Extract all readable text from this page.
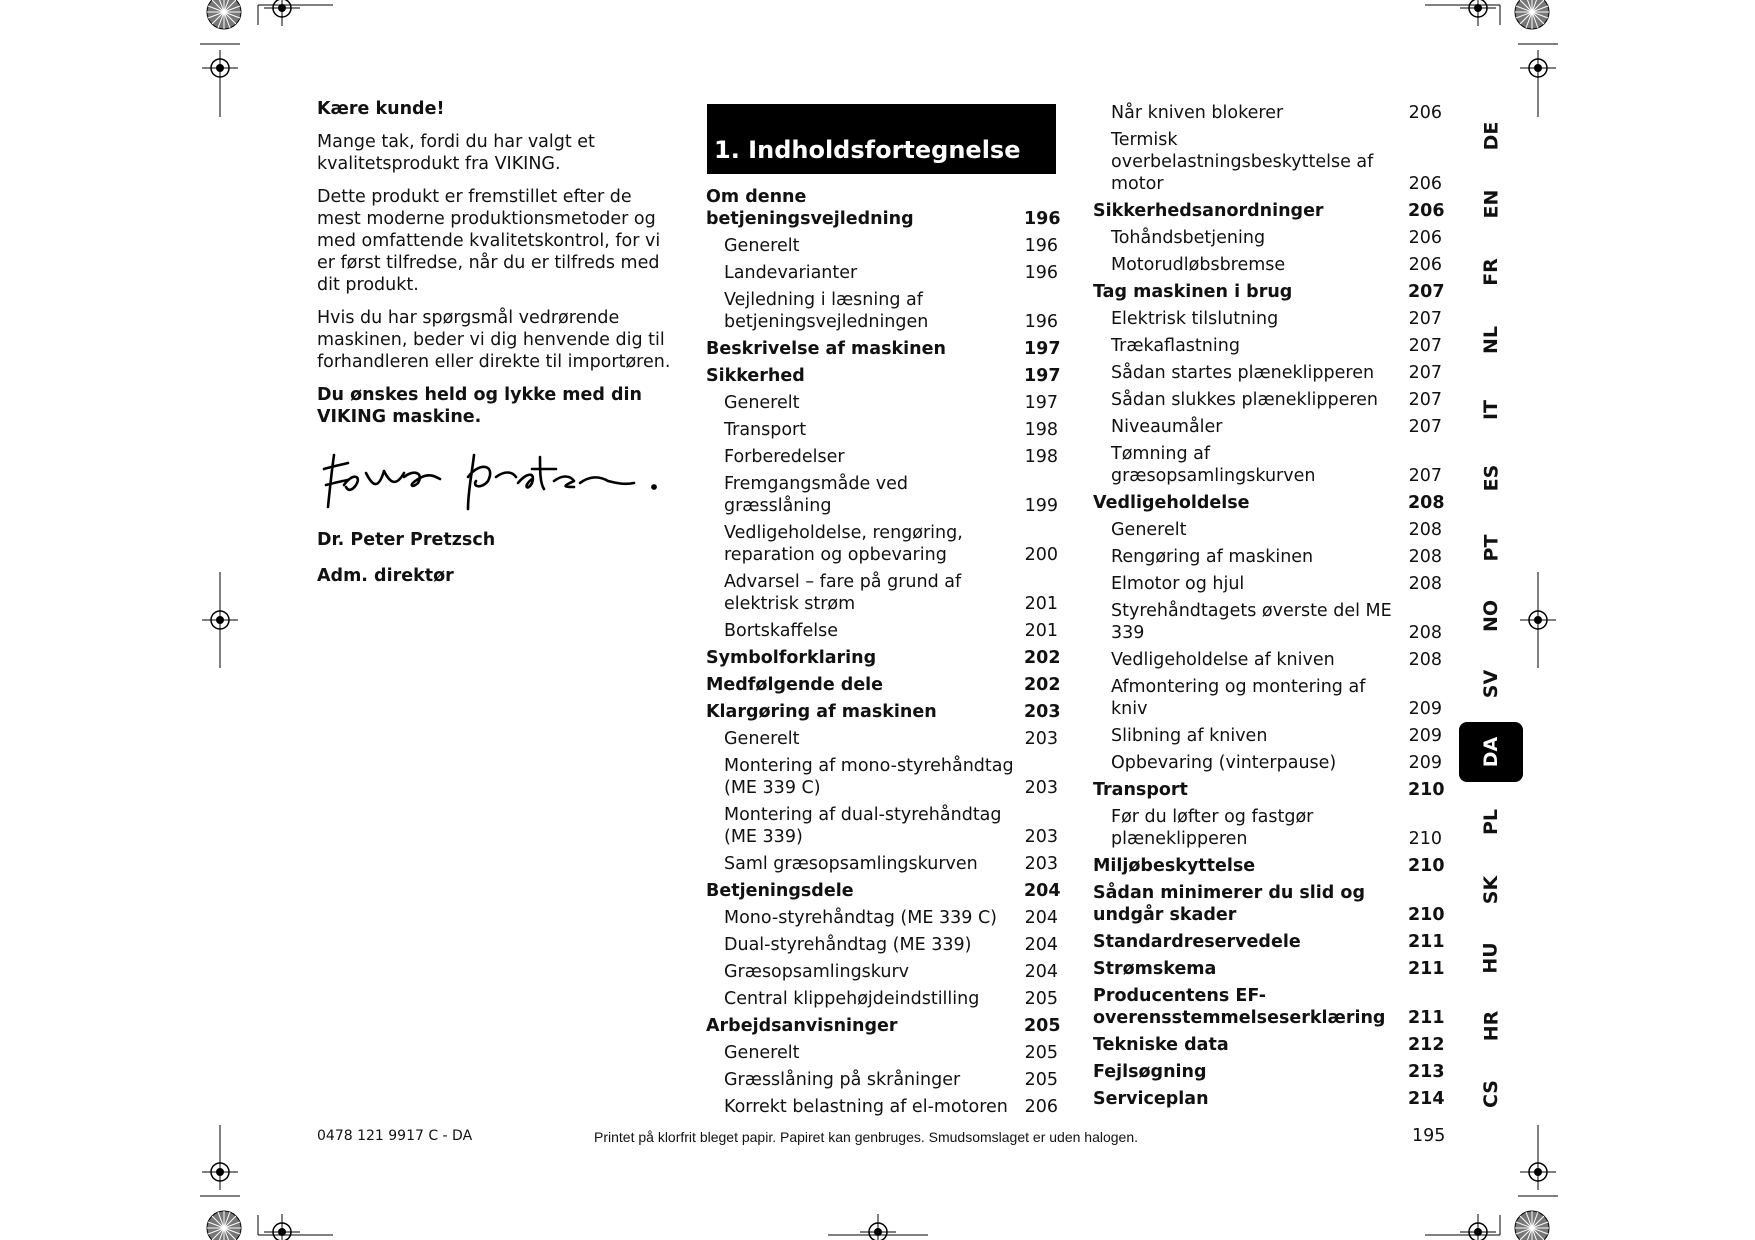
Kære kunde!

Mange tak, fordi du har valgt et kvalitetsprodukt fra VIKING.

Dette produkt er fremstillet efter de mest moderne produktionsmetoder og med omfattende kvalitetskontrol, for vi er først tilfredse, når du er tilfreds med dit produkt.

Hvis du har spørgsmål vedrørende maskinen, beder vi dig henvende dig til forhandleren eller direkte til importøren.

Du ønskes held og lykke med din VIKING maskine.

Dr. Peter Pretzsch
Adm. direktør
1. Indholdsfortegnelse
Om denne betjeningsvejledning	196
Generelt	196
Landevarianter	196
Vejledning i læsning af betjeningsvejledningen	196
Beskrivelse af maskinen	197
Sikkerhed	197
Generelt	197
Transport	198
Forberedelser	198
Fremgangsmåde ved græsslåning	199
Vedligeholdelse, rengøring, reparation og opbevaring	200
Advarsel – fare på grund af elektrisk strøm	201
Bortskaffelse	201
Symbolforklaring	202
Medfølgende dele	202
Klargøring af maskinen	203
Generelt	203
Montering af mono-styrehåndtag (ME 339 C)	203
Montering af dual-styrehåndtag (ME 339)	203
Saml græsopsamlingskurven	203
Betjeningsdele	204
Mono-styrehåndtag (ME 339 C)	204
Dual-styrehåndtag (ME 339)	204
Græsopsamlingskurv	204
Central klippehøjdeindstilling	205
Arbejdsanvisninger	205
Generelt	205
Græsslåning på skråninger	205
Korrekt belastning af el-motoren 206
Når kniven blokerer	206
Termisk overbelastningsbeskyttelse af motor	206
Sikkerhedsanordninger	206
Tohåndsbetjening	206
Motorudløbsbremse	206
Tag maskinen i brug	207
Elektrisk tilslutning	207
Trækaflastning	207
Sådan startes plæneklipperen	207
Sådan slukkes plæneklipperen	207
Niveaumåler	207
Tømning af græsopsamlingskurven	207
Vedligeholdelse	208
Generelt	208
Rengøring af maskinen	208
Elmotor og hjul	208
Styrehåndtagets øverste del ME 339	208
Vedligeholdelse af kniven	208
Afmontering og montering af kniv	209
Slibning af kniven	209
Opbevaring (vinterpause)	209
Transport	210
Før du løfter og fastgør plæneklipperen	210
Miljøbeskyttelse	210
Sådan minimerer du slid og undgår skader	210
Standardreservedele	211
Strømskema	211
Producentens EF-overensstemmelseserklæring	211
Tekniske data	212
Fejlsøgning	213
Serviceplan	214
DE
EN
FR
NL
IT
ES
PT
NO
SV
DA
PL
SK
HU
HR
CS
0478 121 9917 C - DA	Printet på klorfrit bleget papir. Papiret kan genbruges. Smudsomslaget er uden halogen.	195
